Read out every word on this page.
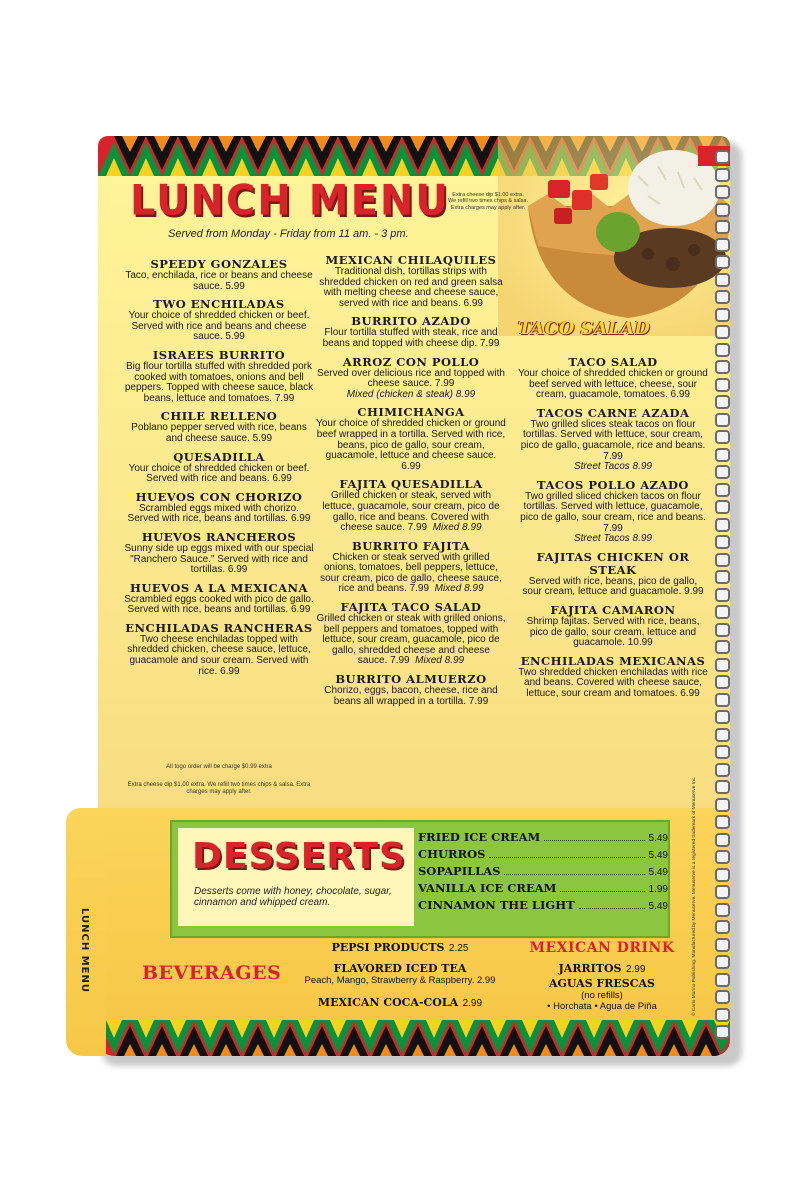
LUNCH MENU
Served from Monday - Friday from 11 am. - 3 pm.
Extra cheese dip $1.00 extra. We refill two times chips & salsa. Extra charges may apply after.
TACO SALAD
SPEEDY GONZALES
Taco, enchilada, rice or beans and cheese sauce. 5.99
TWO ENCHILADAS
Your choice of shredded chicken or beef. Served with rice and beans and cheese sauce. 5.99
ISRAEES BURRITO
Big flour tortilla stuffed with shredded pork cooked with tomatoes, onions and bell peppers. Topped with cheese sauce, black beans, lettuce and tomatoes. 7.99
CHILE RELLENO
Poblano pepper served with rice, beans and cheese sauce. 5.99
QUESADILLA
Your choice of shredded chicken or beef. Served with rice and beans. 6.99
HUEVOS CON CHORIZO
Scrambled eggs mixed with chorizo. Served with rice, beans and tortillas. 6.99
HUEVOS RANCHEROS
Sunny side up eggs mixed with our special "Ranchero Sauce." Served with rice and tortillas. 6.99
HUEVOS A LA MEXICANA
Scrambled eggs cooked with pico de gallo. Served with rice, beans and tortillas. 6.99
ENCHILADAS RANCHERAS
Two cheese enchiladas topped with shredded chicken, cheese sauce, lettuce, guacamole and sour cream. Served with rice. 6.99
All togo order will be charge $0.99 extra
Extra cheese dip $1.00 extra. We refill two times chips & salsa. Extra charges may apply after.
MEXICAN CHILAQUILES
Traditional dish, tortillas strips with shredded chicken on red and green salsa with melting cheese and cheese sauce, served with rice and beans. 6.99
BURRITO AZADO
Flour tortilla stuffed with steak, rice and beans and topped with cheese dip. 7.99
ARROZ CON POLLO
Served over delicious rice and topped with cheese sauce. 7.99
Mixed (chicken & steak) 8.99
CHIMICHANGA
Your choice of shredded chicken or ground beef wrapped in a tortilla. Served with rice, beans, pico de gallo, sour cream, guacamole, lettuce and cheese sauce. 6.99
FAJITA QUESADILLA
Grilled chicken or steak, served with lettuce, guacamole, sour cream, pico de gallo, rice and beans. Covered with cheese sauce. 7.99 Mixed 8.99
BURRITO FAJITA
Chicken or steak served with grilled onions, tomatoes, bell peppers, lettuce, sour cream, pico de gallo, cheese sauce, rice and beans. 7.99 Mixed 8.99
FAJITA TACO SALAD
Grilled chicken or steak with grilled onions, bell peppers and tomatoes, topped with lettuce, sour cream, guacamole, pico de gallo, shredded cheese and cheese sauce. 7.99 Mixed 8.99
BURRITO ALMUERZO
Chorizo, eggs, bacon, cheese, rice and beans all wrapped in a tortilla. 7.99
TACO SALAD
Your choice of shredded chicken or ground beef served with lettuce, cheese, sour cream, guacamole, tomatoes. 6.99
TACOS CARNE AZADA
Two grilled slices steak tacos on flour tortillas. Served with lettuce, sour cream, pico de gallo, guacamole, rice and beans. 7.99
Street Tacos 8.99
TACOS POLLO AZADO
Two grilled sliced chicken tacos on flour tortillas. Served with lettuce, guacamole, pico de gallo, sour cream, rice and beans. 7.99
Street Tacos 8.99
FAJITAS CHICKEN OR STEAK
Served with rice, beans, pico de gallo, sour cream, lettuce and guacamole. 9.99
FAJITA CAMARON
Shrimp fajitas. Served with rice, beans, pico de gallo, sour cream, lettuce and guacamole. 10.99
ENCHILADAS MEXICANAS
Two shredded chicken enchiladas with rice and beans. Covered with cheese sauce, lettuce, sour cream and tomatoes. 6.99
DESSERTS
Desserts come with honey, chocolate, sugar, cinnamon and whipped cream.
FRIED ICE CREAM	5.49
CHURROS	5.49
SOPAPILLAS	5.49
VANILLA ICE CREAM	1.99
CINNAMON THE LIGHT	5.49
BEVERAGES
PEPSI PRODUCTS 2.25
FLAVORED ICED TEA
Peach, Mango, Strawberry & Raspberry. 2.99
MEXICAN COCA-COLA 2.99
MEXICAN DRINK
JARRITOS 2.99
AGUAS FRESCAS
(no refills)
• Horchata • Agua de Piña	© Carlo Marino Publishing. Manufactured by Menuserve. Menuserve is a registered trademark of Menuserve Inc.
LUNCH MENU
